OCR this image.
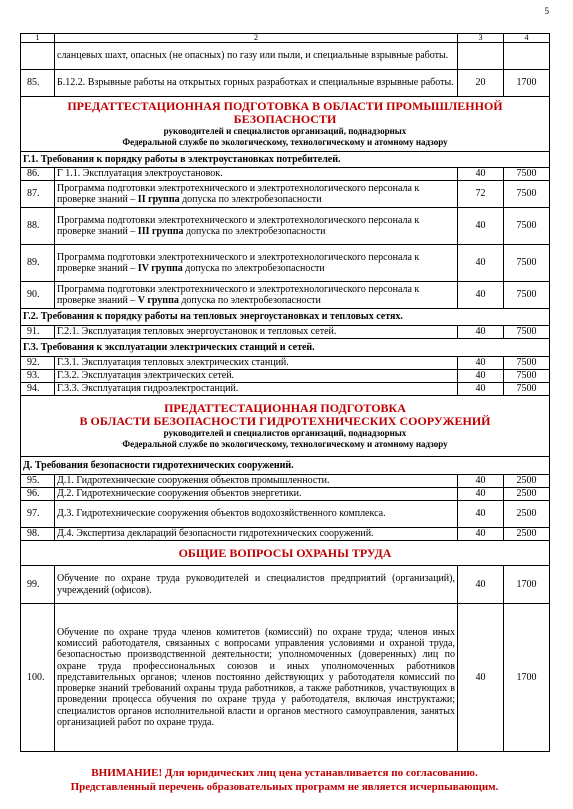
5
1	2	3	4
	сланцевых шахт, опасных (не опасных) по газу или пыли, и специальные взрывные работы.		
85.	Б.12.2. Взрывные работы на открытых горных разработках и специальные взрывные работы.	20	1700

ПРЕДАТТЕСТАЦИОННАЯ ПОДГОТОВКА В ОБЛАСТИ ПРОМЫШЛЕННОЙ БЕЗОПАСНОСТИ
руководителей и специалистов организаций, поднадзорных
Федеральной службе по экологическому, технологическому и атомному надзору			

Г.1. Требования к порядку работы в электроустановках потребителей.			
86.	Г 1.1. Эксплуатация электроустановок.	40	7500
87.	Программа подготовки электротехнического и электротехнологического персонала к проверке знаний – II группа допуска по электробезопасности	72	7500
88.	Программа подготовки электротехнического и электротехнологического персонала к проверке знаний – III группа допуска по электробезопасности	40	7500
89.	Программа подготовки электротехнического и электротехнологического персонала к проверке знаний – IV группа допуска по электробезопасности	40	7500
90.	Программа подготовки электротехнического и электротехнологического персонала к проверке знаний – V группа допуска по электробезопасности	40	7500
Г.2. Требования к порядку работы на тепловых энергоустановках и тепловых сетях.			
91.	Г.2.1. Эксплуатация тепловых энергоустановок и тепловых сетей.	40	7500
Г.3. Требования к эксплуатации электрических станций и сетей.			
92.	Г.3.1. Эксплуатация тепловых электрических станций.	40	7500
93.	Г.3.2. Эксплуатация электрических сетей.	40	7500
94.	Г.3.3. Эксплуатация гидроэлектростанций.	40	7500

ПРЕДАТТЕСТАЦИОННАЯ ПОДГОТОВКА
В ОБЛАСТИ БЕЗОПАСНОСТИ ГИДРОТЕХНИЧЕСКИХ СООРУЖЕНИЙ
руководителей и специалистов организаций, поднадзорных
Федеральной службе по экологическому, технологическому и атомному надзору			

Д. Требования безопасности гидротехнических сооружений.			
95.	Д.1. Гидротехнические сооружения объектов промышленности.	40	2500
96.	Д.2. Гидротехнические сооружения объектов энергетики.	40	2500
97.	Д.3. Гидротехнические сооружения объектов водохозяйственного комплекса.	40	2500
98.	Д.4. Экспертиза деклараций безопасности гидротехнических сооружений.	40	2500

ОБЩИЕ ВОПРОСЫ ОХРАНЫ ТРУДА			

99.	Обучение по охране труда руководителей и специалистов предприятий (организаций), учреждений (офисов).	40	1700
100.	Обучение по охране труда членов комитетов (комиссий) по охране труда; членов иных комиссий работодателя, связанных с вопросами управления условиями и охраной труда, безопасностью производственной деятельности; уполномоченных (доверенных) лиц по охране труда профессиональных союзов и иных уполномоченных работников представительных органов; членов постоянно действующих у работодателя комиссий по проверке знаний требований охраны труда работников, а также работников, участвующих в проведении процесса обучения по охране труда у работодателя, включая инструктажи; специалистов органов исполнительной власти и органов местного самоуправления, занятых организацией работ по охране труда.	40	1700
ВНИМАНИЕ! Для юридических лиц цена устанавливается по согласованию.
Представленный перечень образовательных программ не является исчерпывающим.
